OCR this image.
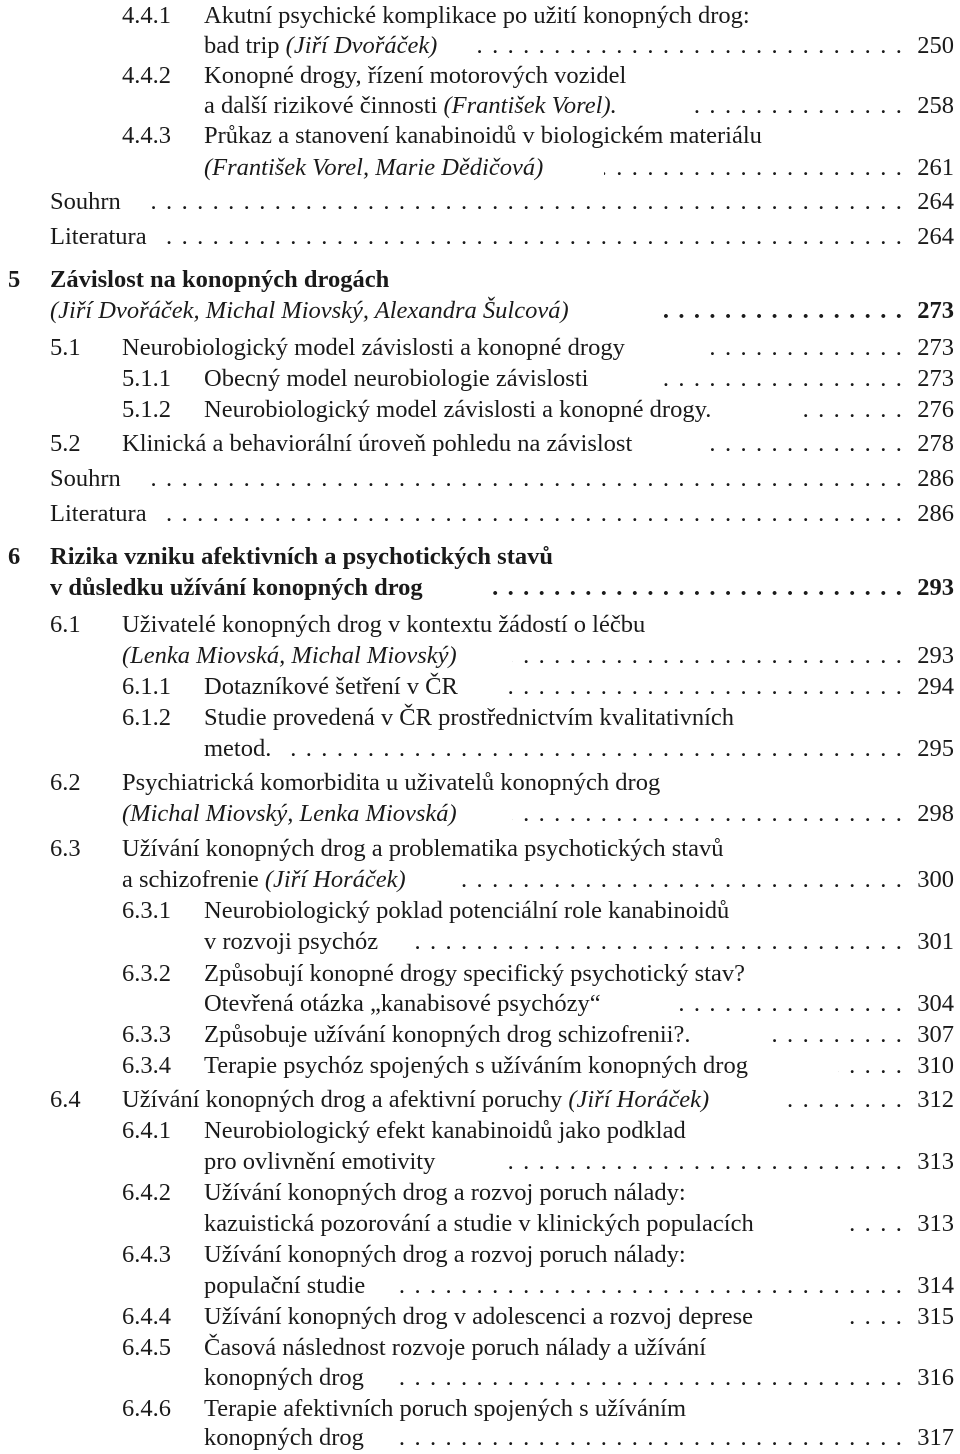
4.4.1 Akutní psychické komplikace po užití konopných drog:
bad trip (Jiří Dvořáček) .....	250
4.4.2 Konopné drogy, řízení motorových vozidel
a další rizikové činnosti (František Vorel). .....	258
4.4.3 Průkaz a stanovení kanabinoidů v biologickém materiálu
(František Vorel, Marie Dědičová) .....	261
Souhrn .....	264
Literatura .....	264
5 Závislost na konopných drogách
(Jiří Dvořáček, Michal Miovský, Alexandra Šulcová) .....	273
5.1 Neurobiologický model závislosti a konopné drogy .....	273
5.1.1 Obecný model neurobiologie závislosti .....	273
5.1.2 Neurobiologický model závislosti a konopné drogy. .....	276
5.2 Klinická a behaviorální úroveň pohledu na závislost .....	278
Souhrn .....	286
Literatura .....	286
6 Rizika vzniku afektivních a psychotických stavů
v důsledku užívání konopných drog .....	293
6.1 Uživatelé konopných drog v kontextu žádostí o léčbu
(Lenka Miovská, Michal Miovský) .....	293
6.1.1 Dotazníkové šetření v ČR .....	294
6.1.2 Studie provedená v ČR prostřednictvím kvalitativních
metod. .....	295
6.2 Psychiatrická komorbidita u uživatelů konopných drog
(Michal Miovský, Lenka Miovská) .....	298
6.3 Užívání konopných drog a problematika psychotických stavů
a schizofrenie (Jiří Horáček) .....	300
6.3.1 Neurobiologický poklad potenciální role kanabinoidů
v rozvoji psychóz .....	301
6.3.2 Způsobují konopné drogy specifický psychotický stav?
Otevřená otázka „kanabisové psychózy“ .....	304
6.3.3 Způsobuje užívání konopných drog schizofrenii?. .....	307
6.3.4 Terapie psychóz spojených s užíváním konopných drog .....	310
6.4 Užívání konopných drog a afektivní poruchy (Jiří Horáček) .....	312
6.4.1 Neurobiologický efekt kanabinoidů jako podklad
pro ovlivnění emotivity .....	313
6.4.2 Užívání konopných drog a rozvoj poruch nálady:
kazuistická pozorování a studie v klinických populacích .....	313
6.4.3 Užívání konopných drog a rozvoj poruch nálady:
populační studie .....	314
6.4.4 Užívání konopných drog v adolescenci a rozvoj deprese .....	315
6.4.5 Časová následnost rozvoje poruch nálady a užívání
konopných drog .....	316
6.4.6 Terapie afektivních poruch spojených s užíváním
konopných drog .....	317
